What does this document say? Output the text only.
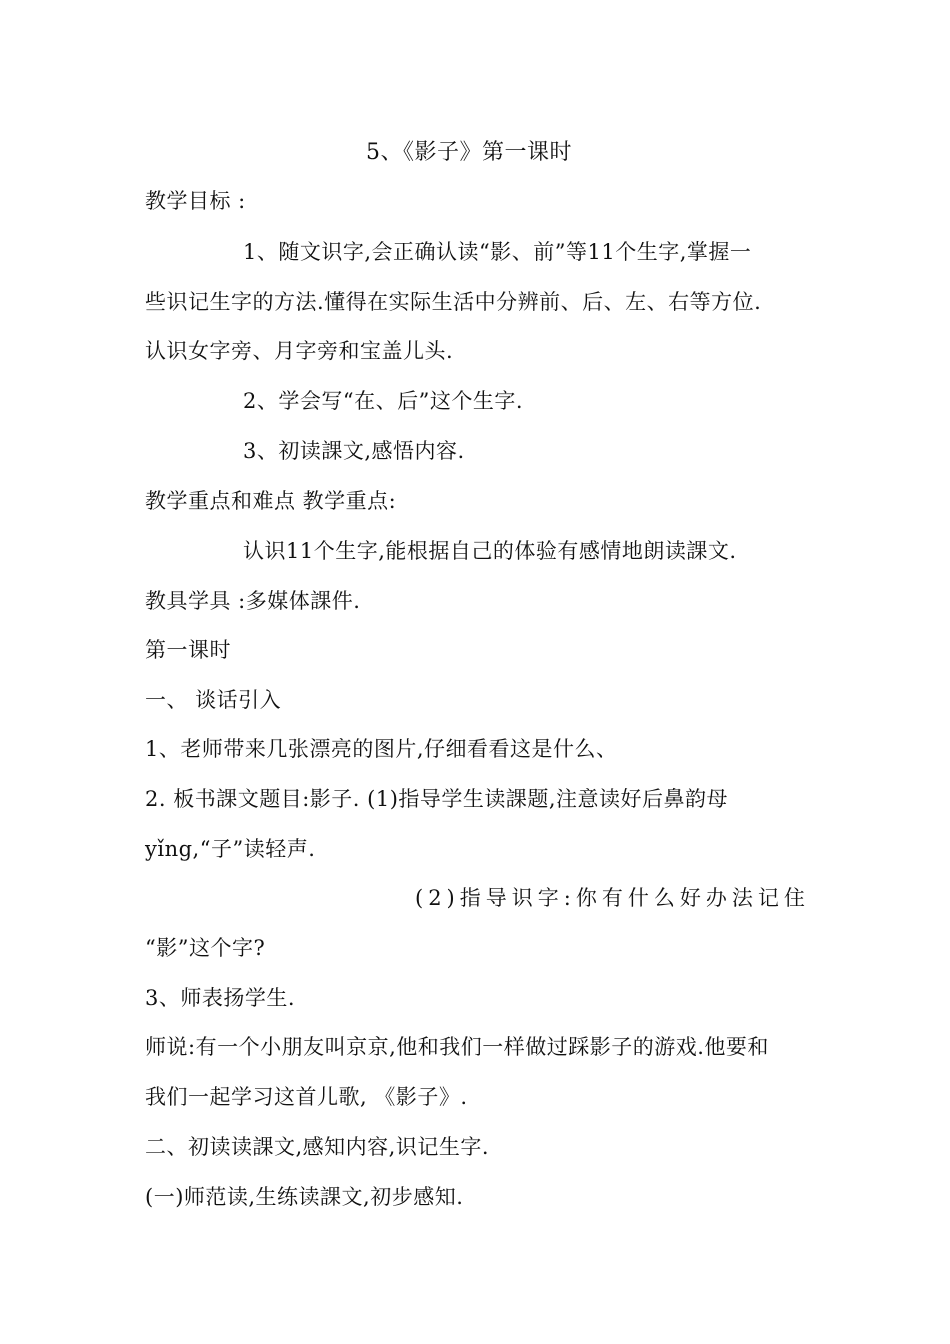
5、《影子》第一课时
教学目标 :
1、随文识字,会正确认读“影、前”等11个生字,掌握一
些识记生字的方法.懂得在实际生活中分辨前、后、左、右等方位.
认识女字旁、月字旁和宝盖儿头.
2、学会写“在、后”这个生字.
3、初读課文,感悟内容.
教学重点和难点 教学重点:
认识11个生字,能根据自己的体验有感情地朗读課文.
教具学具 :多媒体課件.
第一课时
一、 谈话引入
1、老师带来几张漂亮的图片,仔细看看这是什么、
2. 板书課文题目:影子. (1)指导学生读課题,注意读好后鼻韵母
yǐng,“子”读轻声.
(2)指导识字:你有什么好办法记住
“影”这个字?
3、师表扬学生.
师说:有一个小朋友叫京京,他和我们一样做过踩影子的游戏.他要和
我们一起学习这首儿歌, 《影子》.
二、初读读課文,感知内容,识记生字.
(一)师范读,生练读課文,初步感知.
